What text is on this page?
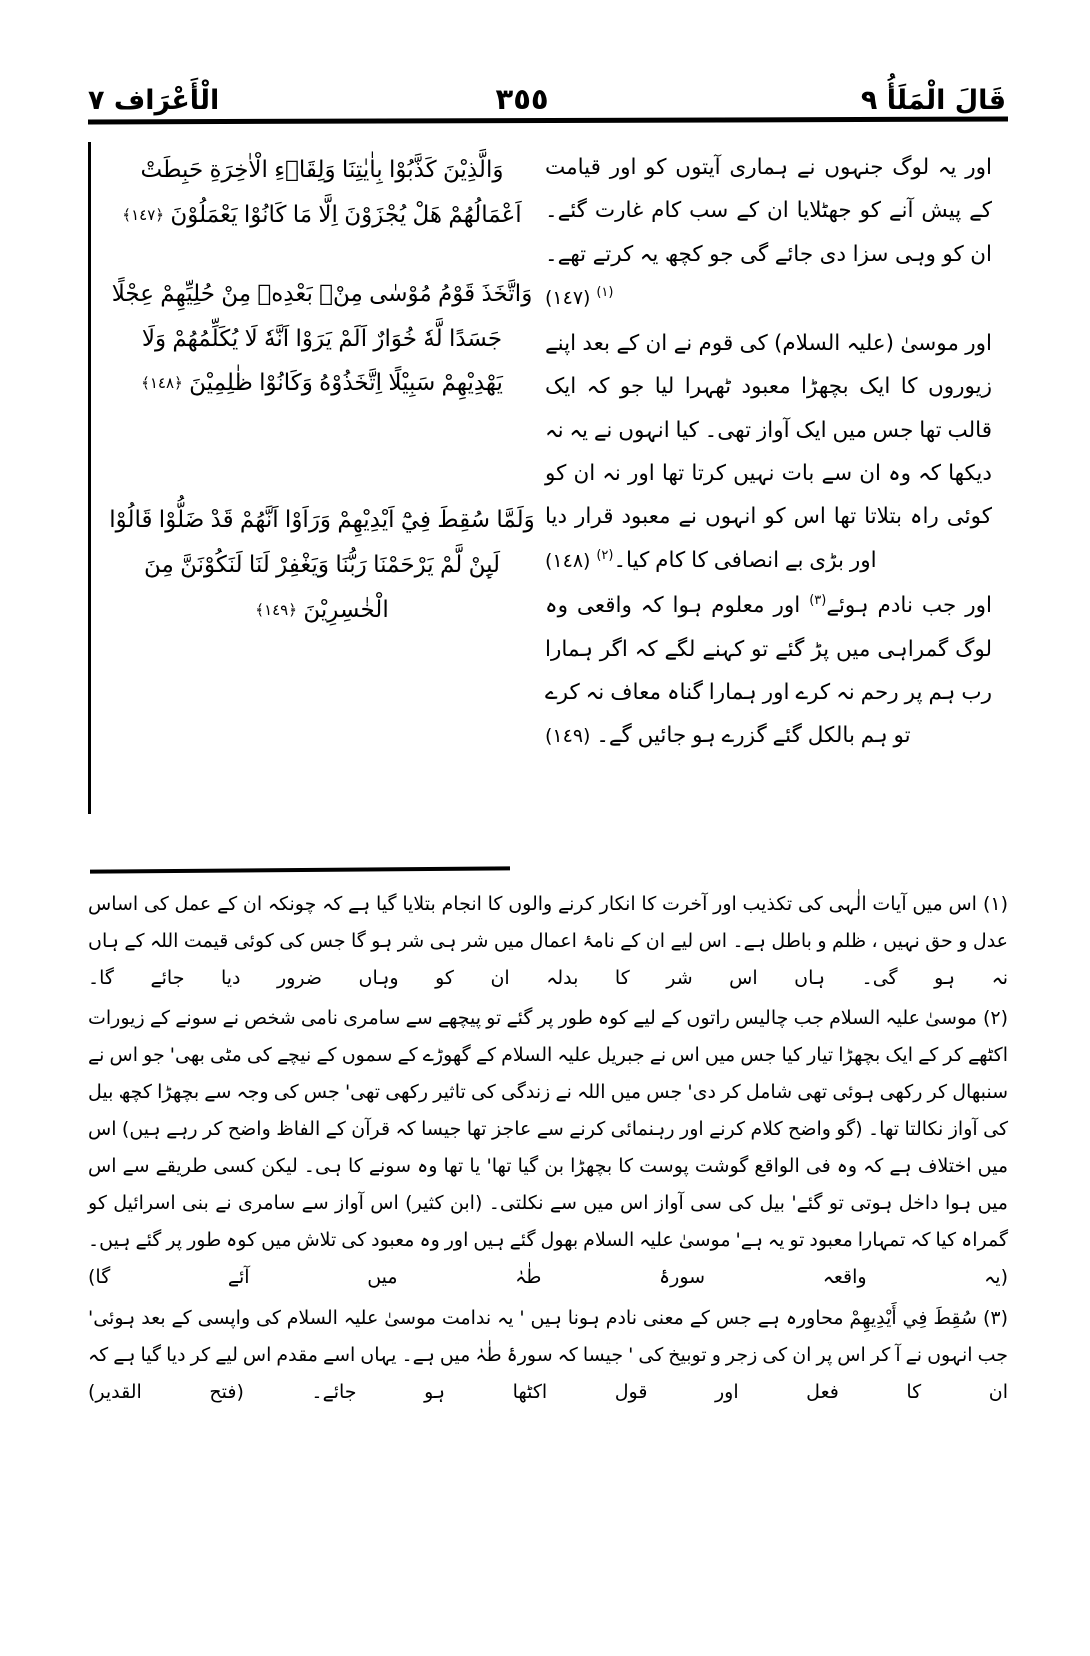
قَالَ الْمَلَأُ ٩
٣٥٥
الْأَعْرَاف ٧
وَالَّذِيْنَ كَذَّبُوْا بِاٰيٰتِنَا وَلِقَاۤءِ الْاٰخِرَةِ حَبِطَتْ اَعْمَالُهُمْ هَلْ يُجْزَوْنَ اِلَّا مَا كَانُوْا يَعْمَلُوْنَ ﴿١٤٧﴾
وَاتَّخَذَ قَوْمُ مُوْسٰى مِنْۢ بَعْدِهٖ مِنْ حُلِيِّهِمْ عِجْلًا جَسَدًا لَّهٗ خُوَارٌ اَلَمْ يَرَوْا اَنَّهٗ لَا يُكَلِّمُهُمْ وَلَا يَهْدِيْهِمْ سَبِيْلًا اِتَّخَذُوْهُ وَكَانُوْا ظٰلِمِيْنَ ﴿١٤٨﴾
وَلَمَّا سُقِطَ فِيْٓ اَيْدِيْهِمْ وَرَاَوْا اَنَّهُمْ قَدْ ضَلُّوْا قَالُوْا لَىِٕنْ لَّمْ يَرْحَمْنَا رَبُّنَا وَيَغْفِرْ لَنَا لَنَكُوْنَنَّ مِنَ الْخٰسِرِيْنَ ﴿١٤٩﴾

اور یہ لوگ جنہوں نے ہماری آیتوں کو اور قیامت کے پیش آنے کو جھٹلایا ان کے سب کام غارت گئے۔ ان کو وہی سزا دی جائے گی جو کچھ یہ کرتے تھے۔$^{(١)}$ (١٤٧)

اور موسیٰ (علیہ السلام) کی قوم نے ان کے بعد اپنے زیوروں کا ایک بچھڑا معبود ٹھہرا لیا جو کہ ایک قالب تھا جس میں ایک آواز تھی۔ کیا انہوں نے یہ نہ دیکھا کہ وہ ان سے بات نہیں کرتا تھا اور نہ ان کو کوئی راہ بتلاتا تھا اس کو انہوں نے معبود قرار دیا اور بڑی بے انصافی کا کام کیا۔$^{(٢)}$ (١٤٨)

اور جب نادم ہوئے$^{(٣)}$ اور معلوم ہوا کہ واقعی وہ لوگ گمراہی میں پڑ گئے تو کہنے لگے کہ اگر ہمارا رب ہم پر رحم نہ کرے اور ہمارا گناہ معاف نہ کرے تو ہم بالکل گئے گزرے ہو جائیں گے۔ (١٤٩)

(١)اس میں آیات الٰہی کی تکذیب اور آخرت کا انکار کرنے والوں کا انجام بتلایا گیا ہے کہ چونکہ ان کے عمل کی اساس عدل و حق نہیں ، ظلم و باطل ہے۔ اس لیے ان کے نامۂ اعمال میں شر ہی شر ہو گا جس کی کوئی قیمت اللہ کے ہاں نہ ہو گی۔ ہاں اس شر کا بدلہ ان کو وہاں ضرور دیا جائے گا۔

(٢)موسیٰ علیہ السلام جب چالیس راتوں کے لیے کوہ طور پر گئے تو پیچھے سے سامری نامی شخص نے سونے کے زیورات اکٹھے کر کے ایک بچھڑا تیار کیا جس میں اس نے جبریل علیہ السلام کے گھوڑے کے سموں کے نیچے کی مٹی بھی' جو اس نے سنبھال کر رکھی ہوئی تھی شامل کر دی' جس میں اللہ نے زندگی کی تاثیر رکھی تھی' جس کی وجہ سے بچھڑا کچھ بیل کی آواز نکالتا تھا۔ (گو واضح کلام کرنے اور رہنمائی کرنے سے عاجز تھا جیسا کہ قرآن کے الفاظ واضح کر رہے ہیں) اس میں اختلاف ہے کہ وہ فی الواقع گوشت پوست کا بچھڑا بن گیا تھا' یا تھا وہ سونے کا ہی۔ لیکن کسی طریقے سے اس میں ہوا داخل ہوتی تو گئے' بیل کی سی آواز اس میں سے نکلتی۔ (ابن کثیر) اس آواز سے سامری نے بنی اسرائیل کو گمراہ کیا کہ تمہارا معبود تو یہ ہے' موسیٰ علیہ السلام بھول گئے ہیں اور وہ معبود کی تلاش میں کوہ طور پر گئے ہیں۔ (یہ واقعہ سورۂ طٰہٰ میں آئے گا)

(٣)سُقِطَ فِي أَيْدِيهِمْ محاورہ ہے جس کے معنی نادم ہونا ہیں ' یہ ندامت موسیٰ علیہ السلام کی واپسی کے بعد ہوئی' جب انہوں نے آ کر اس پر ان کی زجر و توبیخ کی ' جیسا کہ سورۂ طٰہٰ میں ہے۔ یہاں اسے مقدم اس لیے کر دیا گیا ہے کہ ان کا فعل اور قول اکٹھا ہو جائے۔ (فتح القدیر)
